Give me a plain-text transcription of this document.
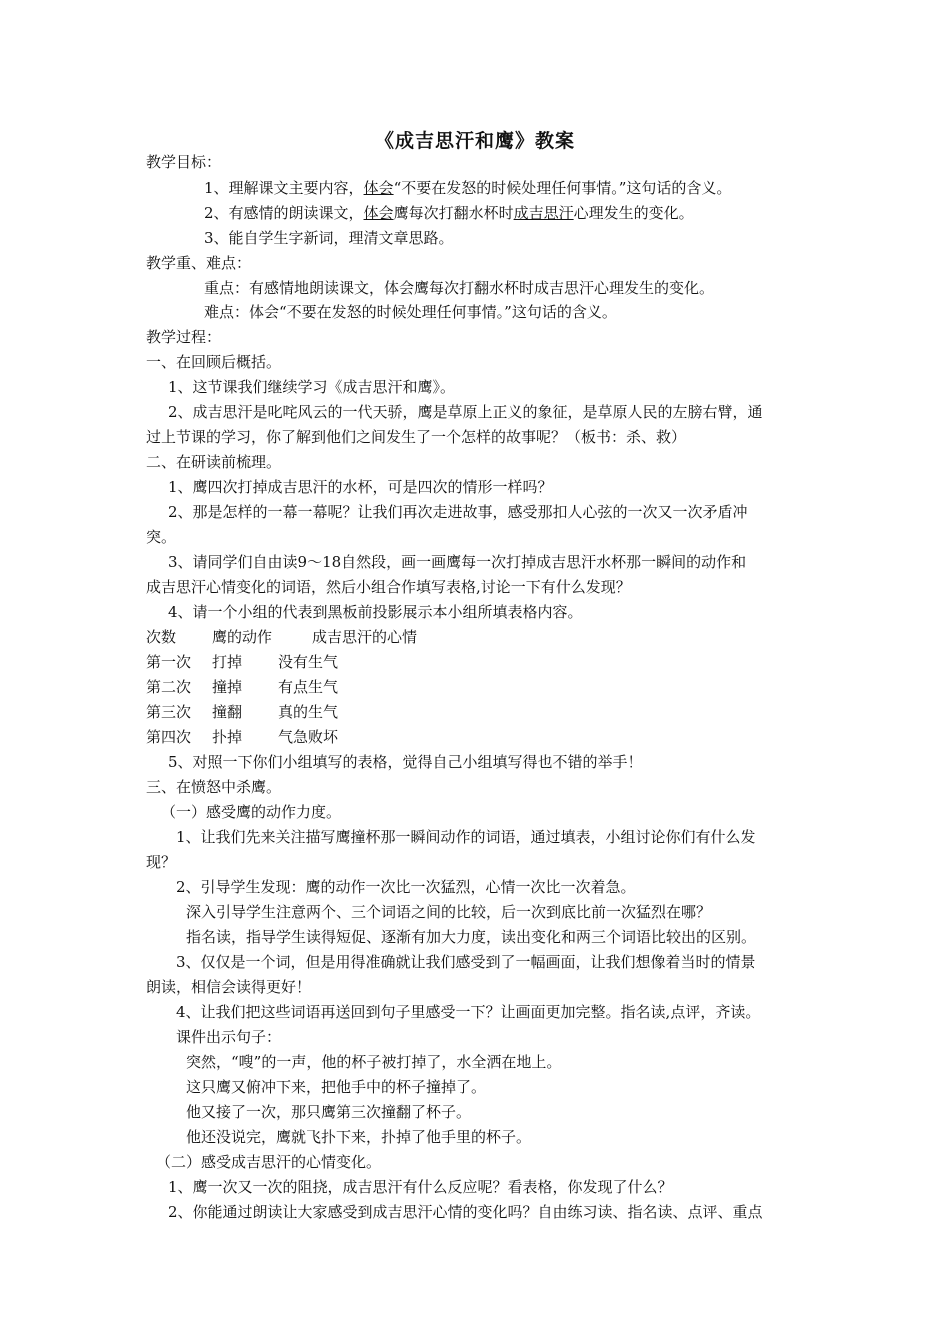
《成吉思汗和鹰》教案
教学目标：
1、理解课文主要内容，体会“不要在发怒的时候处理任何事情。”这句话的含义。
2、有感情的朗读课文，体会鹰每次打翻水杯时成吉思汗心理发生的变化。
3、能自学生字新词，理清文章思路。
教学重、难点：
重点：有感情地朗读课文，体会鹰每次打翻水杯时成吉思汗心理发生的变化。
难点：体会“不要在发怒的时候处理任何事情。”这句话的含义。
教学过程：
一、在回顾后概括。
1、这节课我们继续学习《成吉思汗和鹰》。
2、成吉思汗是叱咤风云的一代天骄，鹰是草原上正义的象征，是草原人民的左膀右臂，通
过上节课的学习，你了解到他们之间发生了一个怎样的故事呢？（板书：杀、救）
二、在研读前梳理。
1、鹰四次打掉成吉思汗的水杯，可是四次的情形一样吗？
2、那是怎样的一幕一幕呢？让我们再次走进故事，感受那扣人心弦的一次又一次矛盾冲
突。
3、请同学们自由读9～18自然段，画一画鹰每一次打掉成吉思汗水杯那一瞬间的动作和
成吉思汗心情变化的词语，然后小组合作填写表格,讨论一下有什么发现？
4、请一个小组的代表到黑板前投影展示本小组所填表格内容。
次数 鹰的动作	成吉思汗的心情
第一次 打掉 没有生气
第二次 撞掉 有点生气
第三次 撞翻 真的生气
第四次 扑掉 气急败坏
5、对照一下你们小组填写的表格，觉得自己小组填写得也不错的举手！
三、在愤怒中杀鹰。
（一）感受鹰的动作力度。
1、让我们先来关注描写鹰撞杯那一瞬间动作的词语，通过填表，小组讨论你们有什么发
现？
2、引导学生发现：鹰的动作一次比一次猛烈，心情一次比一次着急。
深入引导学生注意两个、三个词语之间的比较，后一次到底比前一次猛烈在哪？
指名读，指导学生读得短促、逐渐有加大力度，读出变化和两三个词语比较出的区别。
3、仅仅是一个词，但是用得准确就让我们感受到了一幅画面，让我们想像着当时的情景
朗读，相信会读得更好！
4、让我们把这些词语再送回到句子里感受一下？让画面更加完整。指名读,点评，齐读。
课件出示句子：
突然，“嗖”的一声，他的杯子被打掉了，水全洒在地上。
这只鹰又俯冲下来，把他手中的杯子撞掉了。
他又接了一次，那只鹰第三次撞翻了杯子。
他还没说完，鹰就飞扑下来，扑掉了他手里的杯子。
（二）感受成吉思汗的心情变化。
1、鹰一次又一次的阻挠，成吉思汗有什么反应呢？看表格，你发现了什么？
2、你能通过朗读让大家感受到成吉思汗心情的变化吗？自由练习读、指名读、点评、重点
